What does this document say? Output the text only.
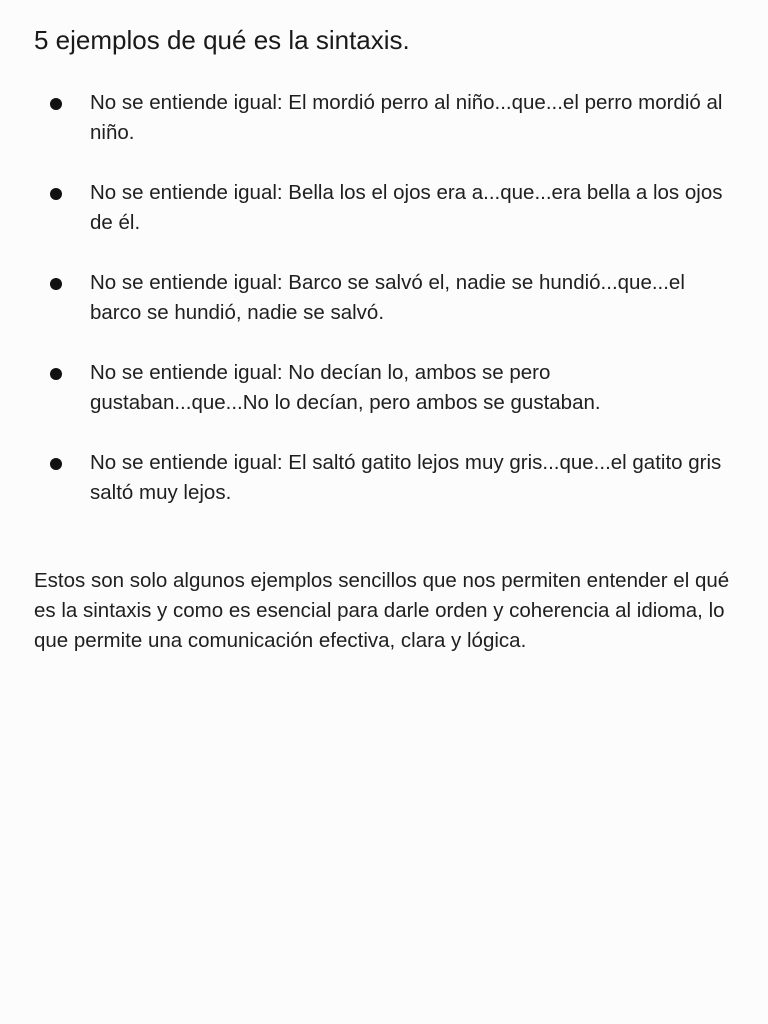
5 ejemplos de qué es la sintaxis.
No se entiende igual: El mordió perro al niño...que...el perro mordió al niño.
No se entiende igual: Bella los el ojos era a...que...era bella a los ojos de él.
No se entiende igual: Barco se salvó el, nadie se hundió...que...el barco se hundió, nadie se salvó.
No se entiende igual: No decían lo, ambos se pero gustaban...que...No lo decían, pero ambos se gustaban.
No se entiende igual: El saltó gatito lejos muy gris...que...el gatito gris saltó muy lejos.

Estos son solo algunos ejemplos sencillos que nos permiten entender el qué es la sintaxis y como es esencial para darle orden y coherencia al idioma, lo que permite una comunicación efectiva, clara y lógica.
